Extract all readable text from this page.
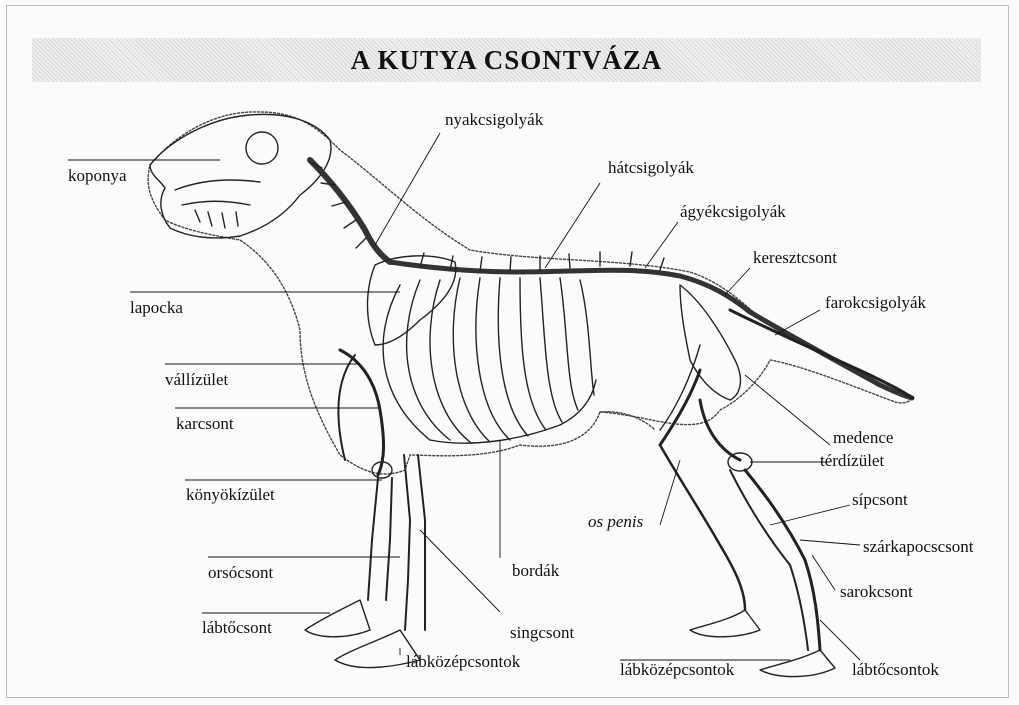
A KUTYA CSONTVÁZA
koponya
nyakcsigolyák
hátcsigolyák
ágyékcsigolyák
keresztcsont
farokcsigolyák
lapocka
vállízület
karcsont
medence
térdízület
könyökízület	sípcsont
os penis
szárkapocscsont
orsócsont	bordák
sarokcsont
lábtőcsont	singcsont
lábközépcsontok	lábközépcsontok	lábtőcsontok
